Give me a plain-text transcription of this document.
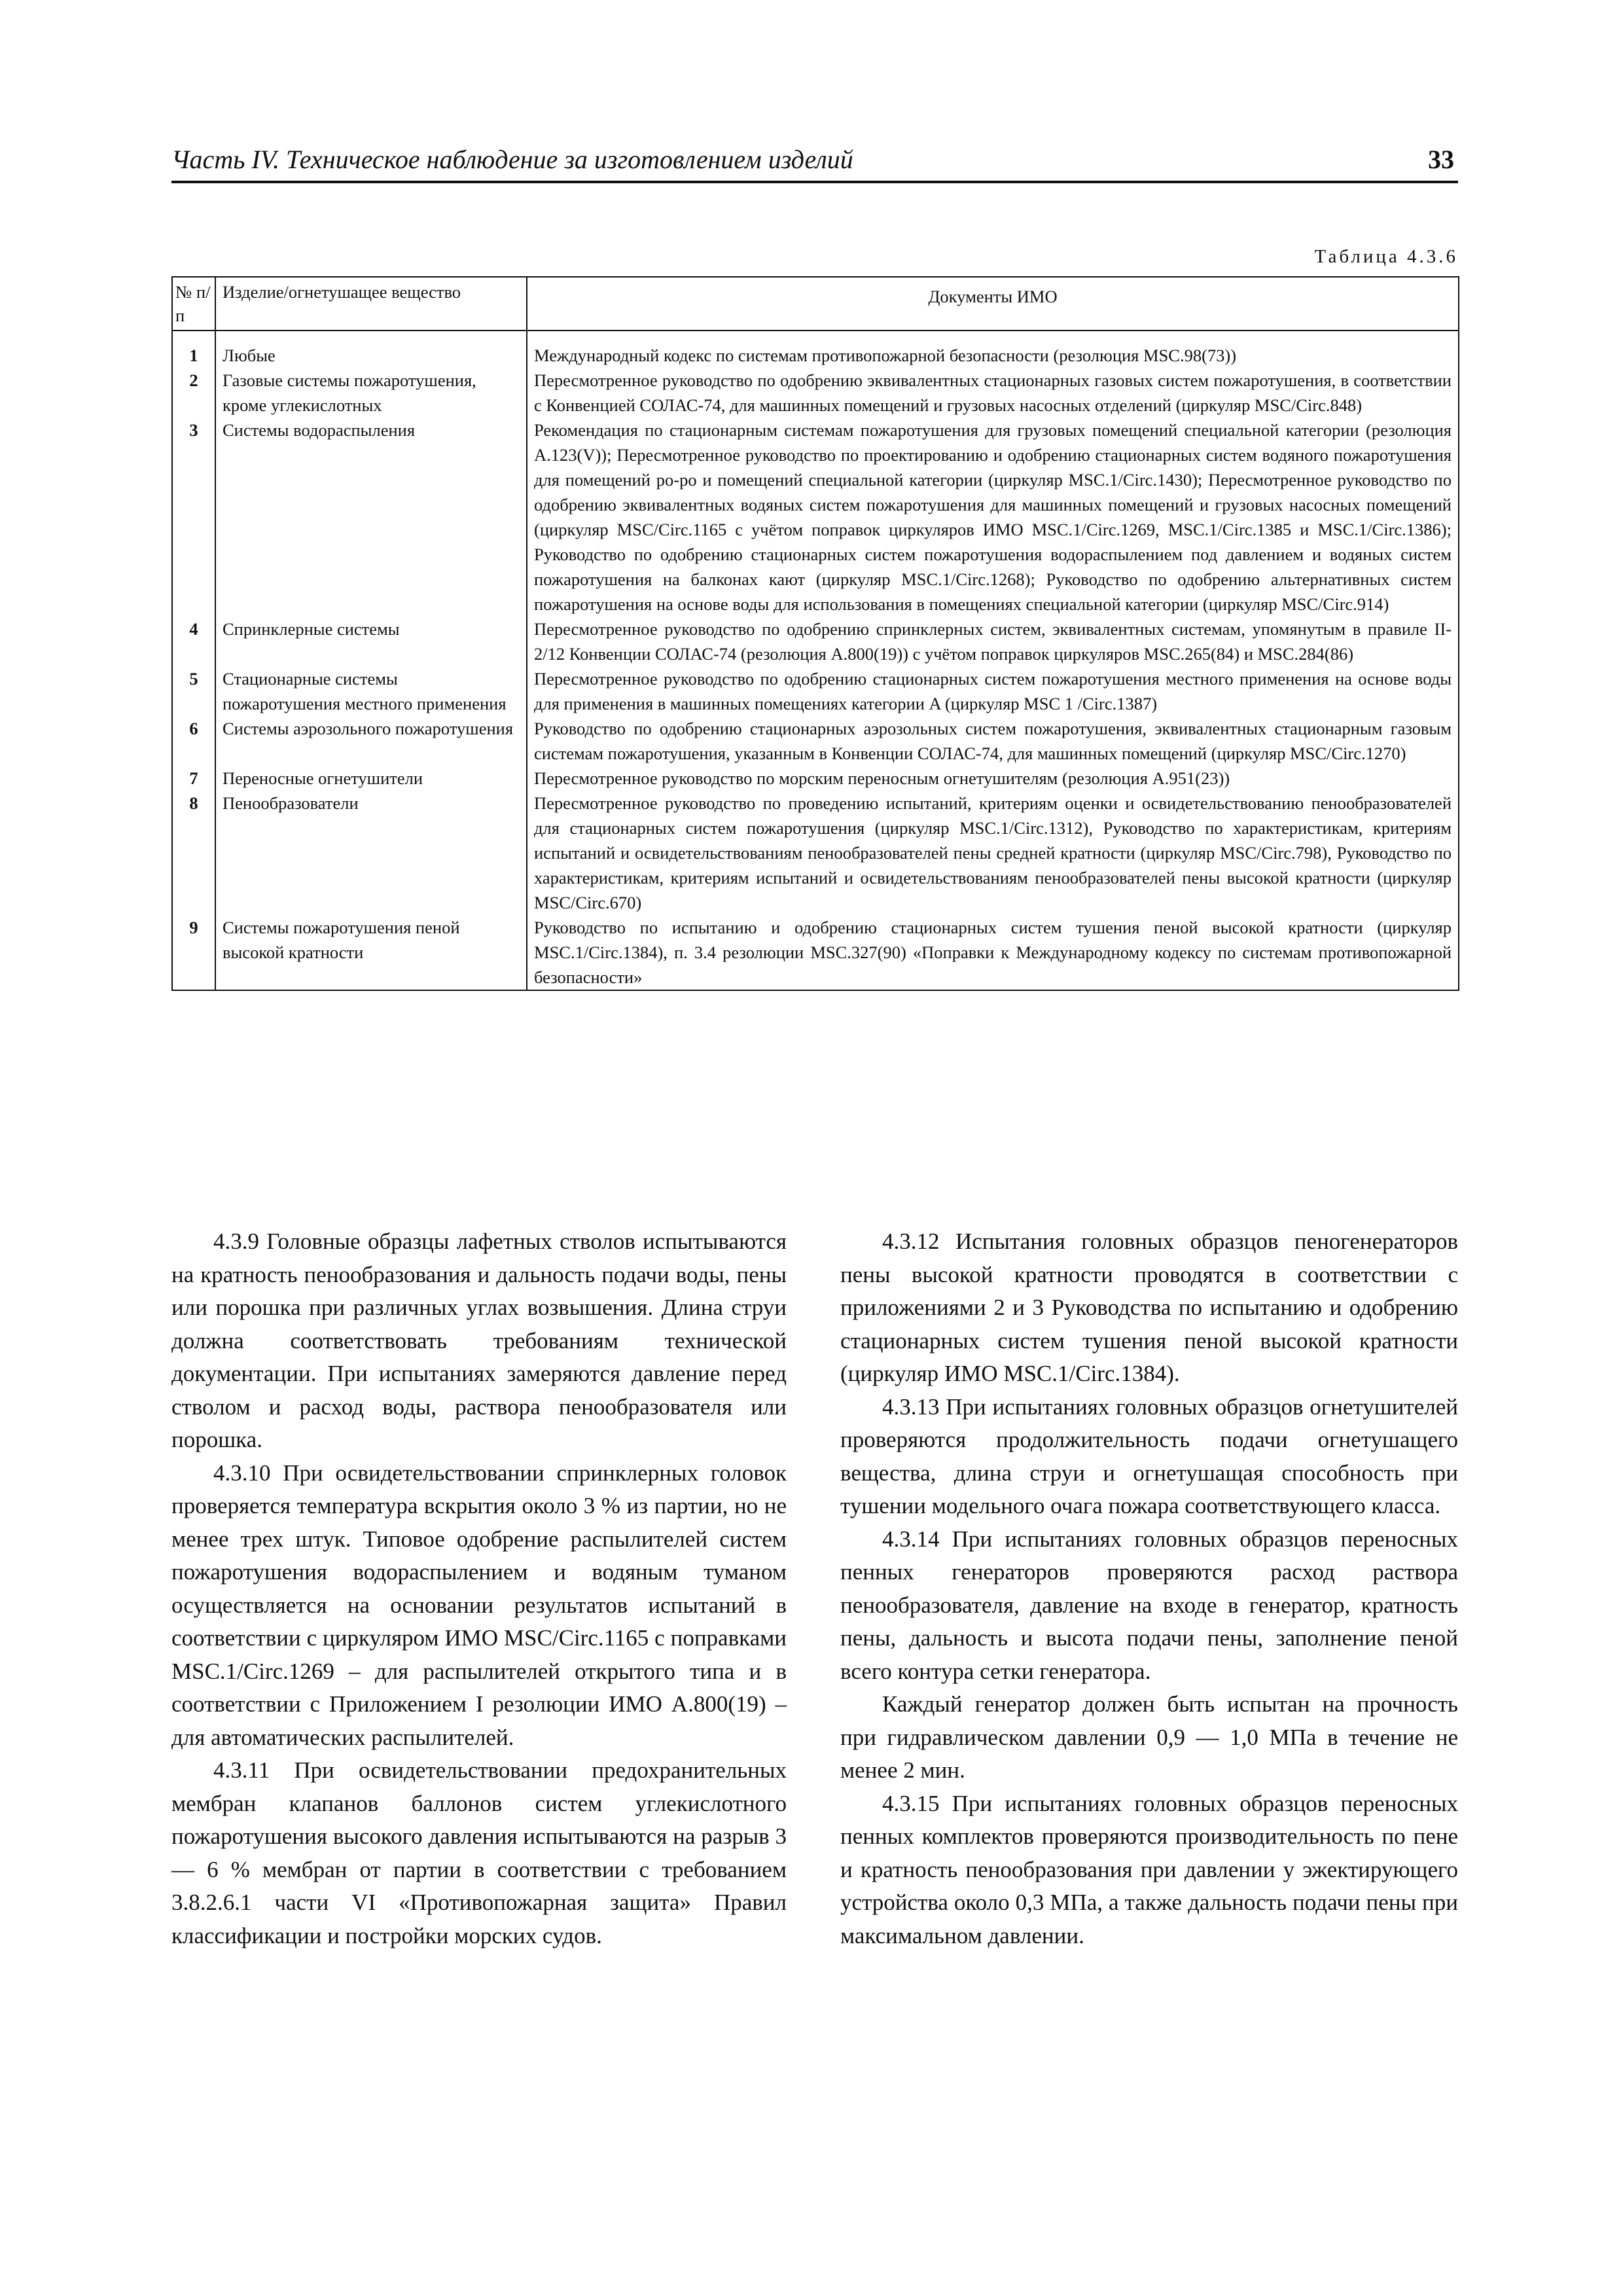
Часть IV. Техническое наблюдение за изготовлением изделий	33
Таблица 4.3.6
№ п/п	Изделие/огнетушащее вещество	Документы ИМО

1	Любые	Международный кодекс по системам противопожарной безопасности (резолюция MSC.98(73))
2	Газовые системы пожаротушения, кроме углекислотных	Пересмотренное руководство по одобрению эквивалентных стационарных газовых систем пожаротушения, в соответствии с Конвенцией СОЛАС-74, для машинных помещений и грузовых насосных отделений (циркуляр MSC/Circ.848)
3	Системы водораспыления	Рекомендация по стационарным системам пожаротушения для грузовых помещений специальной категории (резолюция A.123(V)); Пересмотренное руководство по проектированию и одобрению стационарных систем водяного пожаротушения для помещений ро-ро и помещений специальной категории (циркуляр MSC.1/Circ.1430); Пересмотренное руководство по одобрению эквивалентных водяных систем пожаротушения для машинных помещений и грузовых насосных помещений (циркуляр MSC/Circ.1165 с учётом поправок циркуляров ИМО MSC.1/Circ.1269, MSC.1/Circ.1385 и MSC.1/Circ.1386); Руководство по одобрению стационарных систем пожаротушения водораспылением под давлением и водяных систем пожаротушения на балконах кают (циркуляр MSC.1/Circ.1268); Руководство по одобрению альтернативных систем пожаротушения на основе воды для использования в помещениях специальной категории (циркуляр MSC/Circ.914)
4	Спринклерные системы	Пересмотренное руководство по одобрению спринклерных систем, эквивалентных системам, упомянутым в правиле II-2/12 Конвенции СОЛАС-74 (резолюция A.800(19)) с учётом поправок циркуляров MSC.265(84) и MSC.284(86)
5	Стационарные системы пожаротушения местного применения	Пересмотренное руководство по одобрению стационарных систем пожаротушения местного применения на основе воды для применения в машинных помещениях категории A (циркуляр MSC 1 /Circ.1387)
6	Системы аэрозольного пожаротушения	Руководство по одобрению стационарных аэрозольных систем пожаротушения, эквивалентных стационарным газовым системам пожаротушения, указанным в Конвенции СОЛАС-74, для машинных помещений (циркуляр MSC/Circ.1270)
7	Переносные огнетушители	Пересмотренное руководство по морским переносным огнетушителям (резолюция A.951(23))
8	Пенообразователи	Пересмотренное руководство по проведению испытаний, критериям оценки и освидетельствованию пенообразователей для стационарных систем пожаротушения (циркуляр MSC.1/Circ.1312), Руководство по характеристикам, критериям испытаний и освидетельствованиям пенообразователей пены средней кратности (циркуляр MSC/Circ.798), Руководство по характеристикам, критериям испытаний и освидетельствованиям пенообразователей пены высокой кратности (циркуляр MSC/Circ.670)
9	Системы пожаротушения пеной высокой кратности	Руководство по испытанию и одобрению стационарных систем тушения пеной высокой кратности (циркуляр MSC.1/Circ.1384), п. 3.4 резолюции MSC.327(90) «Поправки к Международному кодексу по системам противопожарной безопасности»

4.3.9 Головные образцы лафетных стволов испытываются на кратность пенообразования и дальность подачи воды, пены или порошка при различных углах возвышения. Длина струи должна соответствовать требованиям технической документации. При испытаниях замеряются давление перед стволом и расход воды, раствора пенообразователя или порошка.

4.3.10 При освидетельствовании спринклерных головок проверяется температура вскрытия около 3 % из партии, но не менее трех штук. Типовое одобрение распылителей систем пожаротушения водораспылением и водяным туманом осуществляется на основании результатов испытаний в соответствии с циркуляром ИМО MSC/Circ.1165 с поправками MSC.1/Circ.1269 – для распылителей открытого типа и в соответствии с Приложением I резолюции ИМО A.800(19) – для автоматических распылителей.

4.3.11 При освидетельствовании предохранительных мембран клапанов баллонов систем углекислотного пожаротушения высокого давления испытываются на разрыв 3 — 6 % мембран от партии в соответствии с требованием 3.8.2.6.1 части VI «Противопожарная защита» Правил классификации и постройки морских судов.

4.3.12 Испытания головных образцов пеногенераторов пены высокой кратности проводятся в соответствии с приложениями 2 и 3 Руководства по испытанию и одобрению стационарных систем тушения пеной высокой кратности (циркуляр ИМО MSC.1/Circ.1384).

4.3.13 При испытаниях головных образцов огнетушителей проверяются продолжительность подачи огнетушащего вещества, длина струи и огнетушащая способность при тушении модельного очага пожара соответствующего класса.

4.3.14 При испытаниях головных образцов переносных пенных генераторов проверяются расход раствора пенообразователя, давление на входе в генератор, кратность пены, дальность и высота подачи пены, заполнение пеной всего контура сетки генератора.

Каждый генератор должен быть испытан на прочность при гидравлическом давлении 0,9 — 1,0 МПа в течение не менее 2 мин.

4.3.15 При испытаниях головных образцов переносных пенных комплектов проверяются производительность по пене и кратность пенообразования при давлении у эжектирующего устройства около 0,3 МПа, а также дальность подачи пены при максимальном давлении.
